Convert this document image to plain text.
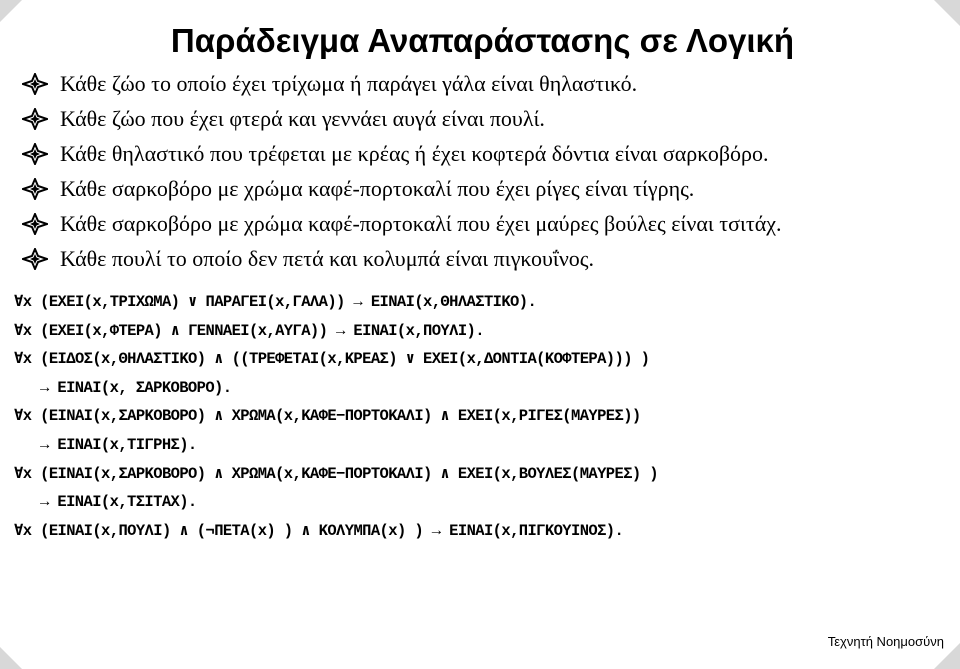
Παράδειγμα Αναπαράστασης σε Λογική
Κάθε ζώο το οποίο έχει τρίχωμα ή παράγει γάλα είναι θηλαστικό.
Κάθε ζώο που έχει φτερά και γεννάει αυγά είναι πουλί.
Κάθε θηλαστικό που τρέφεται με κρέας ή έχει κοφτερά δόντια είναι σαρκοβόρο.
Κάθε σαρκοβόρο με χρώμα καφέ-πορτοκαλί που έχει ρίγες είναι τίγρης.
Κάθε σαρκοβόρο με χρώμα καφέ-πορτοκαλί που έχει μαύρες βούλες είναι τσιτάχ.
Κάθε πουλί το οποίο δεν πετά και κολυμπά είναι πιγκουΐνος.
∀x (ΕΧΕΙ(x,ΤΡΙΧΩΜΑ) ∨ ΠΑΡΑΓΕΙ(x,ΓΑΛΑ)) → ΕΙΝΑΙ(x,ΘΗΛΑΣΤΙΚΟ).
∀x (ΕΧΕΙ(x,ΦΤΕΡΑ) ∧ ΓΕΝΝΑΕΙ(x,ΑΥΓΑ)) → ΕΙΝΑΙ(x,ΠΟΥΛΙ).
∀x (ΕΙΔΟΣ(x,ΘΗΛΑΣΤΙΚΟ) ∧ ((ΤΡΕΦΕΤΑΙ(x,ΚΡΕΑΣ) ∨ ΕΧΕΙ(x,ΔΟΝΤΙΑ(ΚΟΦΤΕΡΑ))) )
→ ΕΙΝΑΙ(x, ΣΑΡΚΟΒΟΡΟ).
∀x (ΕΙΝΑΙ(x,ΣΑΡΚΟΒΟΡΟ) ∧ ΧΡΩΜΑ(x,ΚΑΦΕ−ΠΟΡΤΟΚΑΛΙ) ∧ ΕΧΕΙ(x,ΡΙΓΕΣ(ΜΑΥΡΕΣ))
→ ΕΙΝΑΙ(x,ΤΙΓΡΗΣ).
∀x (ΕΙΝΑΙ(x,ΣΑΡΚΟΒΟΡΟ) ∧ ΧΡΩΜΑ(x,ΚΑΦΕ−ΠΟΡΤΟΚΑΛΙ) ∧ ΕΧΕΙ(x,ΒΟΥΛΕΣ(ΜΑΥΡΕΣ) )
→ ΕΙΝΑΙ(x,ΤΣΙΤΑΧ).
∀x (ΕΙΝΑΙ(x,ΠΟΥΛΙ) ∧ (¬ΠΕΤΑ(x) ) ∧ ΚΟΛΥΜΠΑ(x) ) → ΕΙΝΑΙ(x,ΠΙΓΚΟΥΙΝΟΣ).
Τεχνητή Νοημοσύνη
